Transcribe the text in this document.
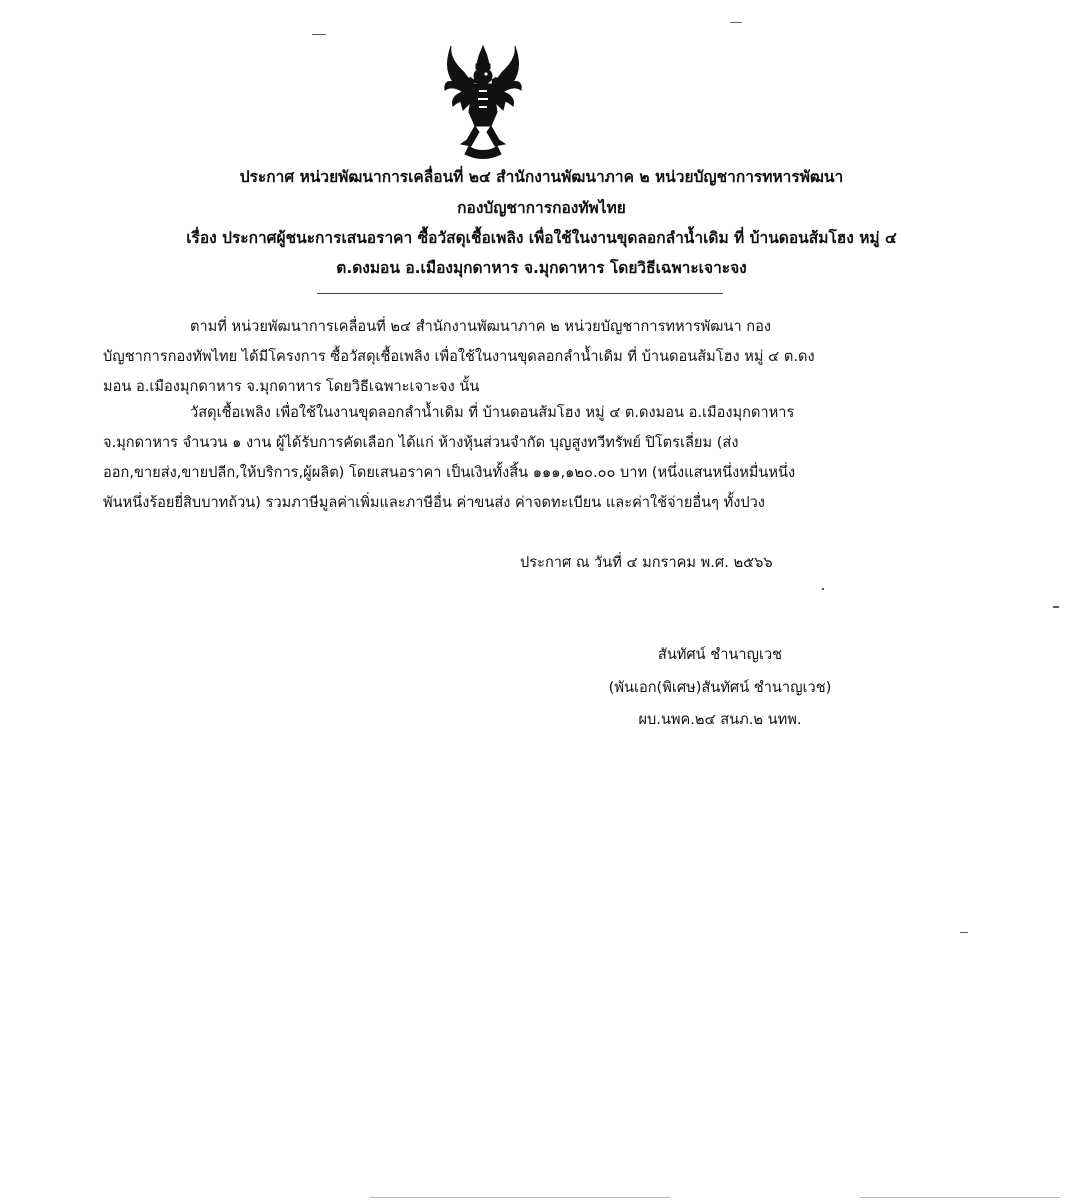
ประกาศ หน่วยพัฒนาการเคลื่อนที่ ๒๔ สำนักงานพัฒนาภาค ๒ หน่วยบัญชาการทหารพัฒนา
กองบัญชาการกองทัพไทย
เรื่อง ประกาศผู้ชนะการเสนอราคา ซื้อวัสดุเชื้อเพลิง เพื่อใช้ในงานขุดลอกลำน้ำเดิม ที่ บ้านดอนส้มโฮง หมู่ ๔
ต.ดงมอน อ.เมืองมุกดาหาร จ.มุกดาหาร โดยวิธีเฉพาะเจาะจง
ตามที่ หน่วยพัฒนาการเคลื่อนที่ ๒๔ สำนักงานพัฒนาภาค ๒ หน่วยบัญชาการทหารพัฒนา กอง
บัญชาการกองทัพไทย ได้มีโครงการ ซื้อวัสดุเชื้อเพลิง เพื่อใช้ในงานขุดลอกลำน้ำเดิม ที่ บ้านดอนส้มโฮง หมู่ ๔ ต.ดง
มอน อ.เมืองมุกดาหาร จ.มุกดาหาร โดยวิธีเฉพาะเจาะจง นั้น
วัสดุเชื้อเพลิง เพื่อใช้ในงานขุดลอกลำน้ำเดิม ที่ บ้านดอนส้มโฮง หมู่ ๔ ต.ดงมอน อ.เมืองมุกดาหาร
จ.มุกดาหาร จำนวน ๑ งาน ผู้ได้รับการคัดเลือก ได้แก่ ห้างหุ้นส่วนจำกัด บุญสูงทวีทรัพย์ ปิโตรเลี่ยม (ส่ง
ออก,ขายส่ง,ขายปลีก,ให้บริการ,ผู้ผลิต) โดยเสนอราคา เป็นเงินทั้งสิ้น ๑๑๑,๑๒๐.๐๐ บาท (หนึ่งแสนหนึ่งหมื่นหนึ่ง
พันหนึ่งร้อยยี่สิบบาทถ้วน) รวมภาษีมูลค่าเพิ่มและภาษีอื่น ค่าขนส่ง ค่าจดทะเบียน และค่าใช้จ่ายอื่นๆ ทั้งปวง
ประกาศ ณ วันที่ ๔ มกราคม พ.ศ. ๒๕๖๖
สันทัศน์ ชำนาญเวช
(พันเอก(พิเศษ)สันทัศน์ ชำนาญเวช)
ผบ.นพค.๒๔ สนภ.๒ นทพ.
